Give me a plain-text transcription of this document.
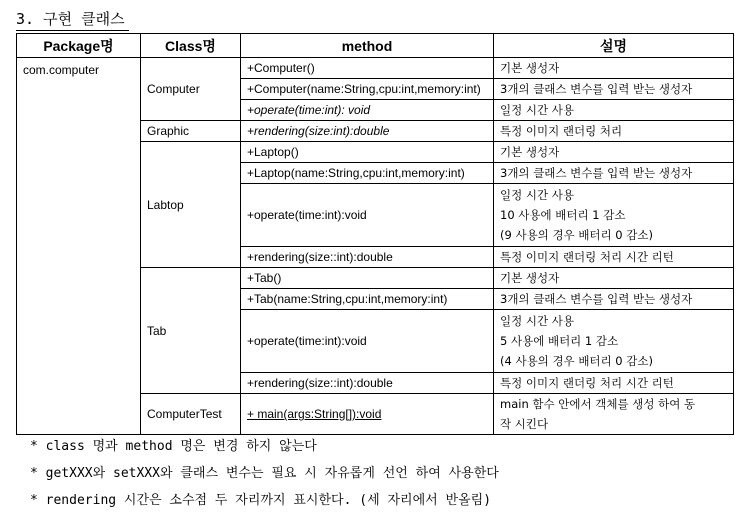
3. 구현 클래스
Package명	Class명	method	설명
com.computer	Computer	+Computer()	기본 생성자
		+Computer(name:String,cpu:int,memory:int)	3개의 클래스 변수를 입력 받는 생성자
		+operate(time:int): void	일정 시간 사용
	Graphic	+rendering(size:int):double	특정 이미지 랜더링 처리
	Labtop	+Laptop()	기본 생성자
		+Laptop(name:String,cpu:int,memory:int)	3개의 클래스 변수를 입력 받는 생성자
		+operate(time:int):void	일정 시간 사용
10 사용에 배터리 1 감소
(9 사용의 경우 배터리 0 감소)

		+rendering(size::int):double	특정 이미지 랜더링 처리 시간 리턴
	Tab	+Tab()	기본 생성자
		+Tab(name:String,cpu:int,memory:int)	3개의 클래스 변수를 입력 받는 생성자
		+operate(time:int):void	일정 시간 사용
5 사용에 배터리 1 감소
(4 사용의 경우 배터리 0 감소)

		+rendering(size::int):double	특정 이미지 랜더링 처리 시간 리턴
	ComputerTest	+ main(args:String[]):void	main 함수 안에서 객체를 생성 하여 동
작 시킨다
* class 명과 method 명은 변경 하지 않는다
* getXXX와 setXXX와 클래스 변수는 필요 시 자유롭게 선언 하여 사용한다
* rendering 시간은 소수점 두 자리까지 표시한다. (세 자리에서 반올림)
